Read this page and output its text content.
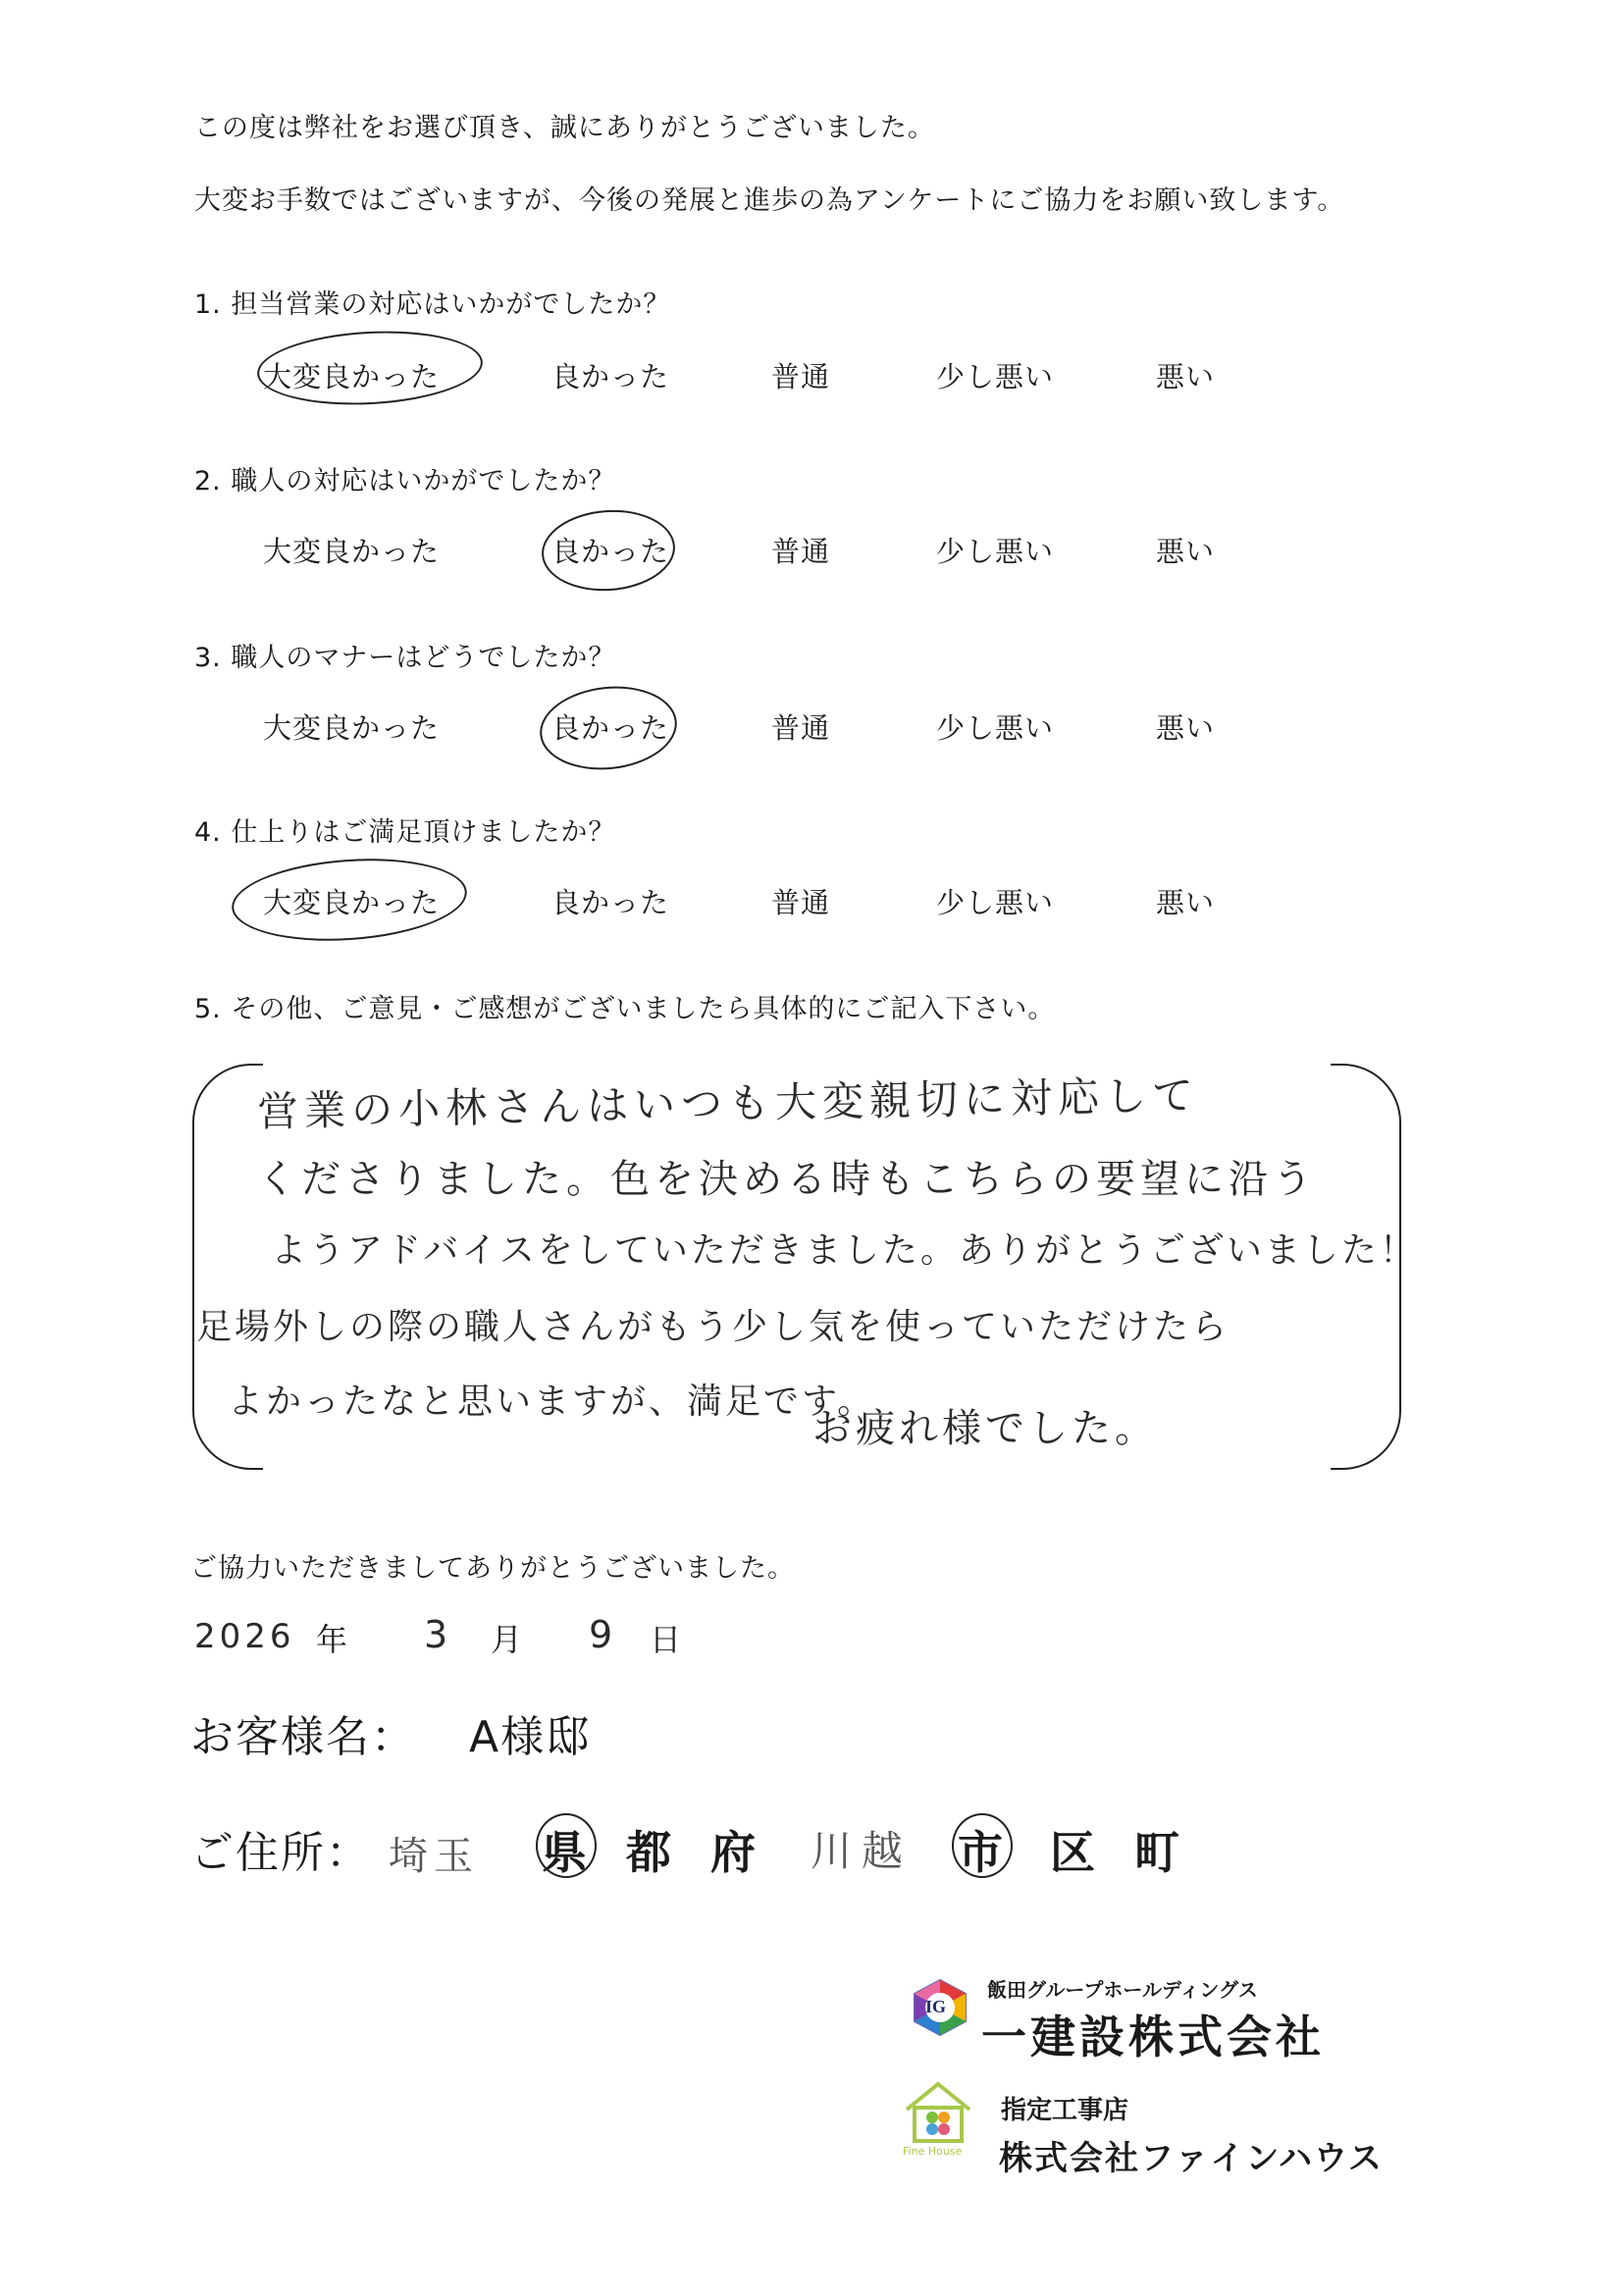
この度は弊社をお選び頂き、誠にありがとうございました。
大変お手数ではございますが、今後の発展と進歩の為アンケートにご協力をお願い致します。
1. 担当営業の対応はいかがでしたか？
大変良かった	良かった	普通	少し悪い	悪い
2. 職人の対応はいかがでしたか？
大変良かった	良かった	普通	少し悪い	悪い
3. 職人のマナーはどうでしたか？
大変良かった	良かった	普通	少し悪い	悪い
4. 仕上りはご満足頂けましたか？
大変良かった	良かった	普通	少し悪い	悪い
5. その他、ご意見・ご感想がございましたら具体的にご記入下さい。
営業の小林さんはいつも大変親切に対応して
くださりました。色を決める時もこちらの要望に沿う
ようアドバイスをしていただきました。ありがとうございました！
足場外しの際の職人さんがもう少し気を使っていただけたら
よかったなと思いますが、満足です。
お疲れ様でした。
ご協力いただきましてありがとうございました。
2026 年 3 月 9 日
お客様名： A様邸
ご住所： 埼玉 県 都 府 川越 市 区 町
IG
飯田グループホールディングス
一建設株式会社
Fine House
指定工事店
株式会社ファインハウス
